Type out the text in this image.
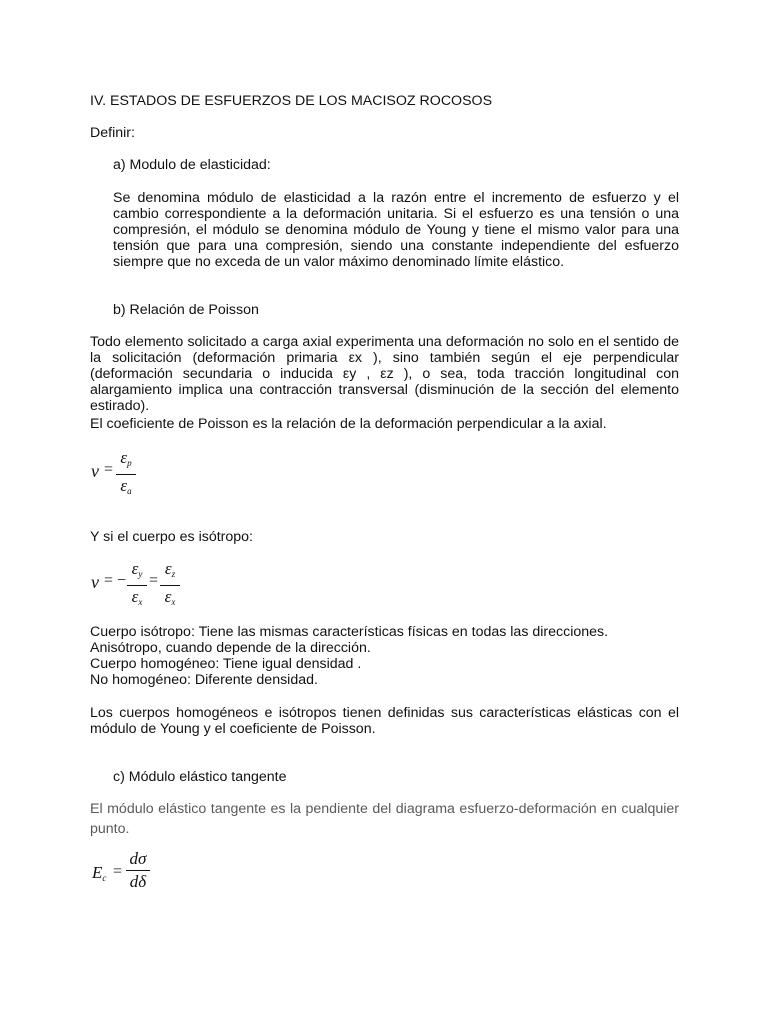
IV. ESTADOS DE ESFUERZOS DE LOS MACISOZ ROCOSOS
Definir:
a) Modulo de elasticidad:
Se denomina módulo de elasticidad a la razón entre el incremento de esfuerzo y el cambio correspondiente a la deformación unitaria. Si el esfuerzo es una tensión o una compresión, el módulo se denomina módulo de Young y tiene el mismo valor para una tensión que para una compresión, siendo una constante independiente del esfuerzo siempre que no exceda de un valor máximo denominado límite elástico.
b) Relación de Poisson
Todo elemento solicitado a carga axial experimenta una deformación no solo en el sentido de la solicitación (deformación primaria εx ), sino también según el eje perpendicular (deformación secundaria o inducida εy , εz ), o sea, toda tracción longitudinal con alargamiento implica una contracción transversal (disminución de la sección del elemento estirado).
El coeficiente de Poisson es la relación de la deformación perpendicular a la axial.
ν =
$\varepsilon_p$
$\varepsilon_a$
Y si el cuerpo es isótropo:
ν = −
$\varepsilon_y$
$\varepsilon_x$
=
$\varepsilon_z$
$\varepsilon_x$
Cuerpo isótropo: Tiene las mismas características físicas en todas las direcciones.
Anisótropo, cuando depende de la dirección.
Cuerpo homogéneo: Tiene igual densidad .
No homogéneo: Diferente densidad.
Los cuerpos homogéneos e isótropos tienen definidas sus características elásticas con el módulo de Young y el coeficiente de Poisson.
c) Módulo elástico tangente
El módulo elástico tangente es la pendiente del diagrama esfuerzo-deformación en cualquier punto.
$E_c$ =
dσ
dδ
